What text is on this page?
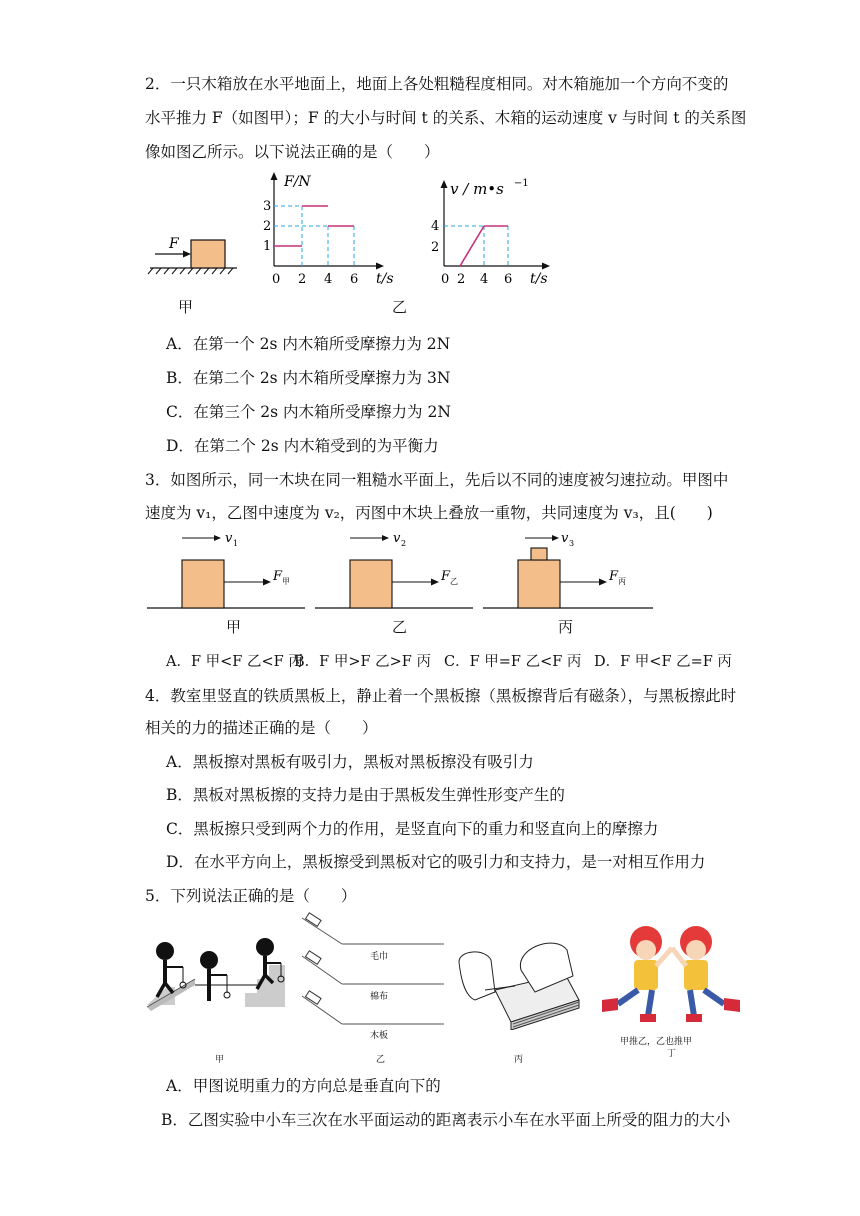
2．一只木箱放在水平地面上，地面上各处粗糙程度相同。对木箱施加一个方向不变的
水平推力 F（如图甲）；F 的大小与时间 t 的关系、木箱的运动速度 v 与时间 t 的关系图
像如图乙所示。以下说法正确的是（　　）
F
甲
3
2
1
0 2 4 6
F/N
t/s
乙
4
2
0 2 4 6
v / m•s −1
t/s
A．在第一个 2s 内木箱所受摩擦力为 2N
B．在第二个 2s 内木箱所受摩擦力为 3N
C．在第三个 2s 内木箱所受摩擦力为 2N
D．在第二个 2s 内木箱受到的为平衡力
3．如图所示，同一木块在同一粗糙水平面上，先后以不同的速度被匀速拉动。甲图中
速度为 v₁，乙图中速度为 v₂，丙图中木块上叠放一重物，共同速度为 v₃，且(　　)
v 1
F 甲
v 2
F 乙
v 3
F 丙
甲	乙	丙
A．F 甲<F 乙<F 丙
B．F 甲>F 乙>F 丙 C．F 甲=F 乙<F 丙 D．F 甲<F 乙=F 丙
4．教室里竖直的铁质黑板上，静止着一个黑板擦（黑板擦背后有磁条），与黑板擦此时
相关的力的描述正确的是（　　）
A．黑板擦对黑板有吸引力，黑板对黑板擦没有吸引力
B．黑板对黑板擦的支持力是由于黑板发生弹性形变产生的
C．黑板擦只受到两个力的作用，是竖直向下的重力和竖直向上的摩擦力
D．在水平方向上，黑板擦受到黑板对它的吸引力和支持力，是一对相互作用力
5．下列说法正确的是（　　）
毛巾
棉布
木板
甲推乙，乙也推甲
甲	乙	丙
丁
A．甲图说明重力的方向总是垂直向下的
B．乙图实验中小车三次在水平面运动的距离表示小车在水平面上所受的阻力的大小
